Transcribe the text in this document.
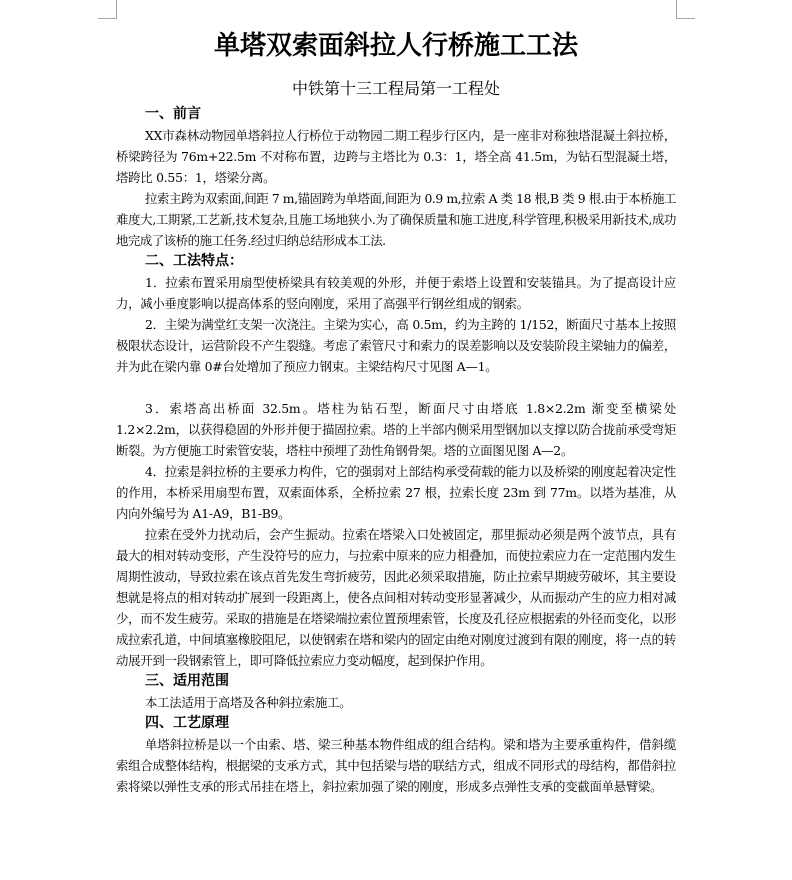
单塔双索面斜拉人行桥施工工法
中铁第十三工程局第一工程处
一、前言
XX市森林动物园单塔斜拉人行桥位于动物园二期工程步行区内，是一座非对称独塔混凝土斜拉桥，桥梁跨径为 76m+22.5m 不对称布置，边跨与主塔比为 0.3：1，塔全高 41.5m，为钻石型混凝土塔，塔跨比 0.55：1，塔梁分离。
拉索主跨为双索面,间距 7 m,锚固跨为单塔面,间距为 0.9 m,拉索 A 类 18 根,B 类 9 根.由于本桥施工难度大,工期紧,工艺新,技术复杂,且施工场地狭小.为了确保质量和施工进度,科学管理,积极采用新技术,成功地完成了该桥的施工任务.经过归纳总结形成本工法.
二、工法特点：
1．拉索布置采用扇型使桥梁具有较美观的外形，并便于索塔上设置和安装锚具。为了提高设计应力，减小垂度影响以提高体系的竖向刚度，采用了高强平行钢丝组成的钢索。
2．主梁为满堂红支架一次浇注。主梁为实心，高 0.5m，约为主跨的 1/152，断面尺寸基本上按照极限状态设计，运营阶段不产生裂缝。考虑了索管尺寸和索力的误差影响以及安装阶段主梁轴力的偏差，并为此在梁内靠 0#台处增加了预应力钢束。主梁结构尺寸见图 A—1。
3．索塔高出桥面 32.5m。塔柱为钻石型，断面尺寸由塔底 1.8×2.2m 渐变至横梁处 1.2×2.2m，以获得稳固的外形并便于描固拉索。塔的上半部内侧采用型钢加以支撑以防合拢前承受弯矩断裂。为方便施工时索管安装，塔柱中预埋了劲性角钢骨架。塔的立面图见图 A—2。
4．拉索是斜拉桥的主要承力构件，它的强弱对上部结构承受荷载的能力以及桥梁的刚度起着决定性的作用，本桥采用扇型布置，双索面体系，全桥拉索 27 根，拉索长度 23m 到 77m。以塔为基准，从内向外编号为 A1-A9，B1-B9。
拉索在受外力扰动后，会产生振动。拉索在塔梁入口处被固定，那里振动必须是两个波节点，具有最大的相对转动变形，产生没符号的应力，与拉索中原来的应力相叠加，而使拉索应力在一定范围内发生周期性波动，导致拉索在该点首先发生弯折疲劳，因此必须采取措施，防止拉索早期疲劳破坏，其主要设想就是将点的相对转动扩展到一段距离上，使各点间相对转动变形显著减少，从而振动产生的应力相对减少，而不发生疲劳。采取的措施是在塔梁端拉索位置预埋索管，长度及孔径应根据索的外径而变化，以形成拉索孔道，中间填塞橡胶阻尼，以使钢索在塔和梁内的固定由绝对刚度过渡到有限的刚度，将一点的转动展开到一段钢索管上，即可降低拉索应力变动幅度，起到保护作用。
三、适用范围
本工法适用于高塔及各种斜拉索施工。
四、工艺原理
单塔斜拉桥是以一个由索、塔、梁三种基本物件组成的组合结构。梁和塔为主要承重构件，借斜缆索组合成整体结构，根据梁的支承方式，其中包括梁与塔的联结方式，组成不同形式的母结构，都借斜拉索将梁以弹性支承的形式吊挂在塔上，斜拉索加强了梁的刚度，形成多点弹性支承的变截面单悬臂梁。
